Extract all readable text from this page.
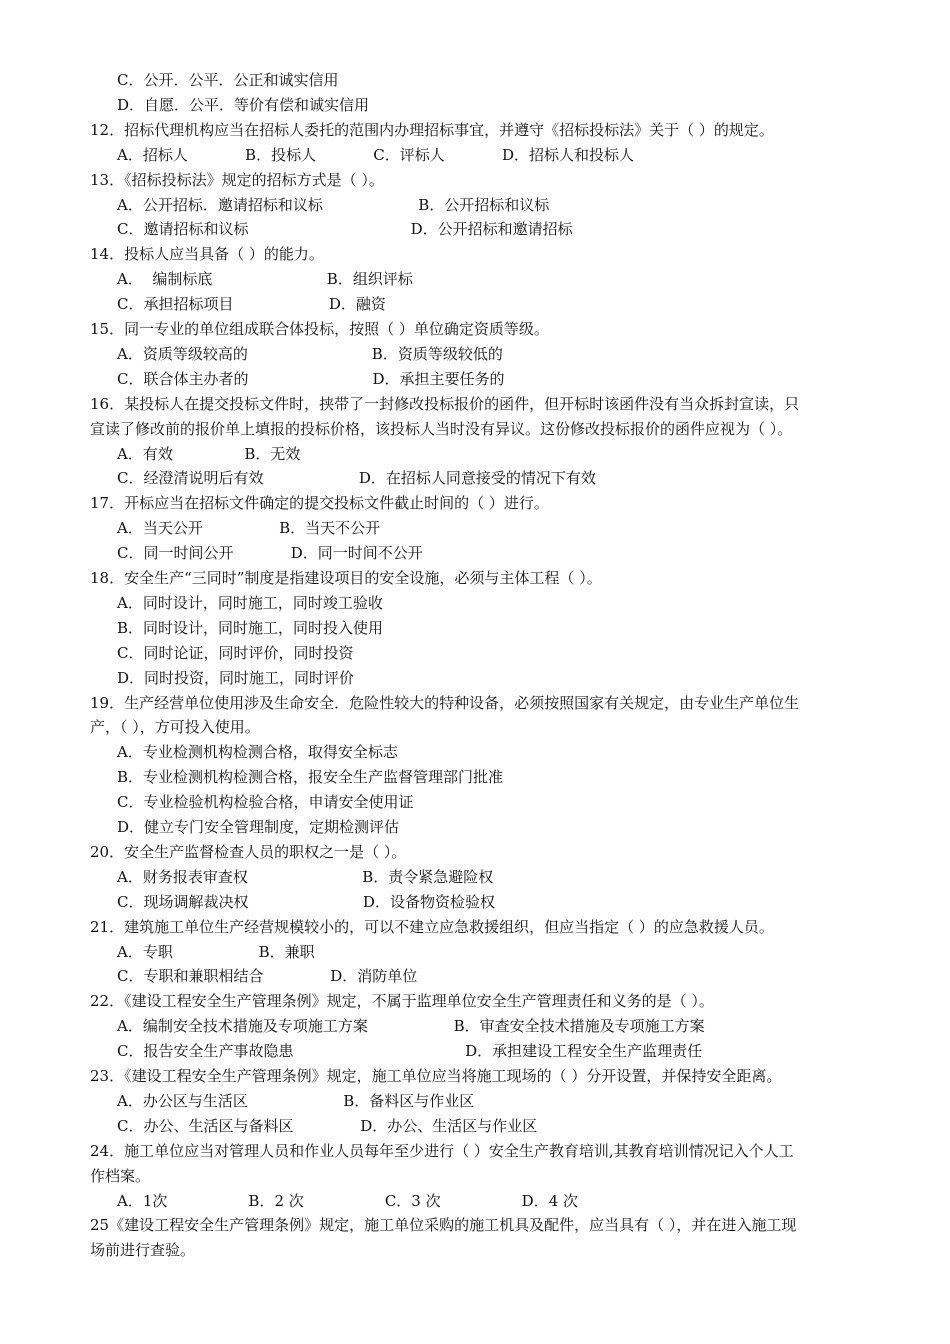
C．公开．公平．公正和诚实信用
D．自愿．公平．等价有偿和诚实信用
12．招标代理机构应当在招标人委托的范围内办理招标事宜，并遵守《招标投标法》关于（ ）的规定。
A．招标人            B．投标人            C．评标人            D．招标人和投标人
13．《招标投标法》规定的招标方式是（ ）。
A．公开招标．邀请招标和议标                    B．公开招标和议标
C．邀请招标和议标                                  D．公开招标和邀请招标
14．投标人应当具备（ ）的能力。
A．  编制标底                        B．组织评标
C．承担招标项目                    D．融资
15．同一专业的单位组成联合体投标，按照（ ）单位确定资质等级。
A．资质等级较高的                          B．资质等级较低的
C．联合体主办者的                          D．承担主要任务的
16．某投标人在提交投标文件时，挟带了一封修改投标报价的函件，但开标时该函件没有当众拆封宣读，只
宣读了修改前的报价单上填报的投标价格，该投标人当时没有异议。这份修改投标报价的函件应视为（ ）。
A．有效               B．无效
C．经澄清说明后有效                    D．在招标人同意接受的情况下有效
17．开标应当在招标文件确定的提交投标文件截止时间的（ ）进行。
A．当天公开                B．当天不公开
C．同一时间公开            D．同一时间不公开
18．安全生产“三同时”制度是指建设项目的安全设施，必须与主体工程（ ）。
A．同时设计，同时施工，同时竣工验收
B．同时设计，同时施工，同时投入使用
C．同时论证，同时评价，同时投资
D．同时投资，同时施工，同时评价
19．生产经营单位使用涉及生命安全．危险性较大的特种设备，必须按照国家有关规定，由专业生产单位生
产，（ ），方可投入使用。
A．专业检测机构检测合格，取得安全标志
B．专业检测机构检测合格，报安全生产监督管理部门批准
C．专业检验机构检验合格，申请安全使用证
D．健立专门安全管理制度，定期检测评估
20．安全生产监督检查人员的职权之一是（ ）。
A．财务报表审查权                        B．责令紧急避险权
C．现场调解裁决权                        D．设备物资检验权
21．建筑施工单位生产经营规模较小的，可以不建立应急救援组织，但应当指定（ ）的应急救援人员。
A．专职                  B．兼职
C．专职和兼职相结合              D．消防单位
22．《建设工程安全生产管理条例》规定，不属于监理单位安全生产管理责任和义务的是（ ）。
A．编制安全技术措施及专项施工方案                  B．审查安全技术措施及专项施工方案
C．报告安全生产事故隐患                                    D．承担建设工程安全生产监理责任
23．《建设工程安全生产管理条例》规定，施工单位应当将施工现场的（ ）分开设置，并保持安全距离。
A．办公区与生活区                    B．备料区与作业区
C．办公、生活区与备料区              D．办公、生活区与作业区
24．施工单位应当对管理人员和作业人员每年至少进行（ ）安全生产教育培训,其教育培训情况记入个人工
作档案。
A．1次                 B．2 次                 C．3 次                 D．4 次
25《建设工程安全生产管理条例》规定，施工单位采购的施工机具及配件，应当具有（ ），并在进入施工现
场前进行查验。
